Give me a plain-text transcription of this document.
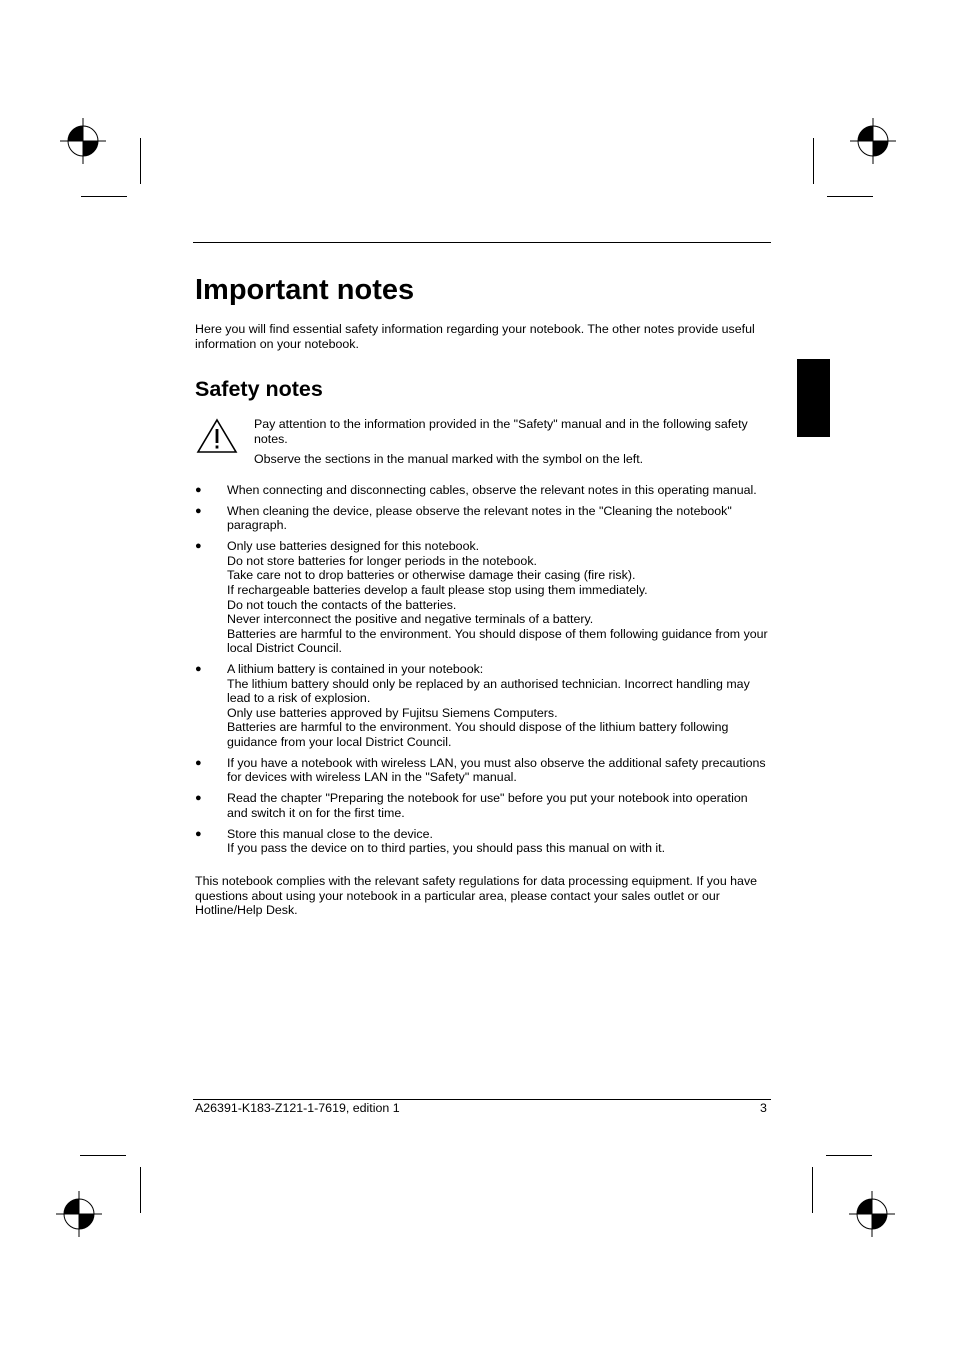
Important notes
Here you will find essential safety information regarding your notebook. The other notes provide useful information on your notebook.
Safety notes

Pay attention to the information provided in the "Safety" manual and in the following safety notes.

Observe the sections in the manual marked with the symbol on the left.

● When connecting and disconnecting cables, observe the relevant notes in this operating manual.
● When cleaning the device, please observe the relevant notes in the "Cleaning the notebook" paragraph.
● Only use batteries designed for this notebook.
Do not store batteries for longer periods in the notebook.
Take care not to drop batteries or otherwise damage their casing (fire risk).
If rechargeable batteries develop a fault please stop using them immediately.
Do not touch the contacts of the batteries.
Never interconnect the positive and negative terminals of a battery.
Batteries are harmful to the environment. You should dispose of them following guidance from your local District Council.
● A lithium battery is contained in your notebook:
The lithium battery should only be replaced by an authorised technician. Incorrect handling may lead to a risk of explosion.
Only use batteries approved by Fujitsu Siemens Computers.
Batteries are harmful to the environment. You should dispose of the lithium battery following guidance from your local District Council.
● If you have a notebook with wireless LAN, you must also observe the additional safety precautions for devices with wireless LAN in the "Safety" manual.
● Read the chapter "Preparing the notebook for use" before you put your notebook into operation and switch it on for the first time.
● Store this manual close to the device.
If you pass the device on to third parties, you should pass this manual on with it.
This notebook complies with the relevant safety regulations for data processing equipment. If you have questions about using your notebook in a particular area, please contact your sales outlet or our Hotline/Help Desk.
A26391-K183-Z121-1-7619, edition 1	3
